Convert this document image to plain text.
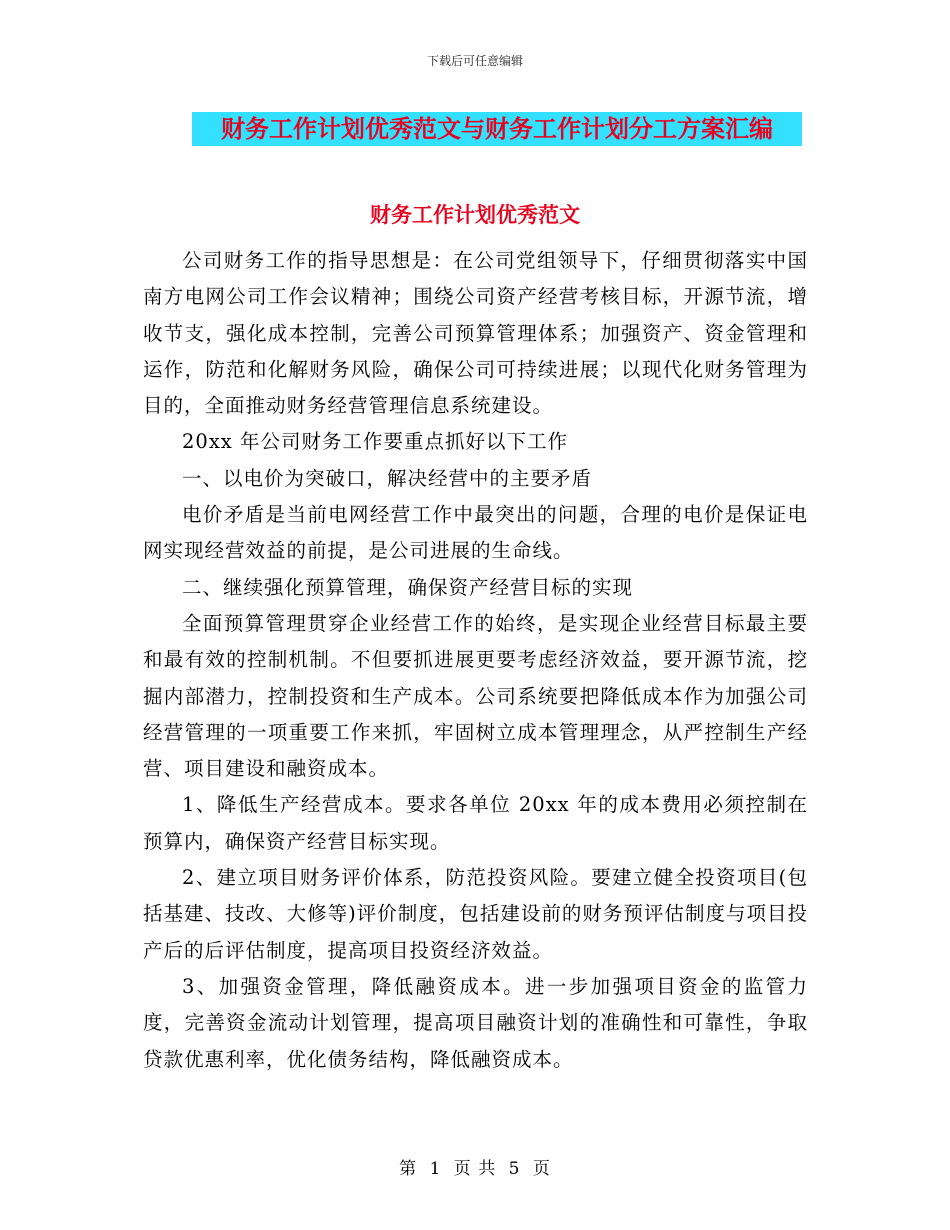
下载后可任意编辑
财务工作计划优秀范文与财务工作计划分工方案汇编
财务工作计划优秀范文

公司财务工作的指导思想是：在公司党组领导下，仔细贯彻落实中国南方电网公司工作会议精神；围绕公司资产经营考核目标，开源节流，增收节支，强化成本控制，完善公司预算管理体系；加强资产、资金管理和运作，防范和化解财务风险，确保公司可持续进展；以现代化财务管理为目的，全面推动财务经营管理信息系统建设。

20xx 年公司财务工作要重点抓好以下工作

一、以电价为突破口，解决经营中的主要矛盾

电价矛盾是当前电网经营工作中最突出的问题，合理的电价是保证电网实现经营效益的前提，是公司进展的生命线。

二、继续强化预算管理，确保资产经营目标的实现

全面预算管理贯穿企业经营工作的始终，是实现企业经营目标最主要和最有效的控制机制。不但要抓进展更要考虑经济效益，要开源节流，挖掘内部潜力，控制投资和生产成本。公司系统要把降低成本作为加强公司经营管理的一项重要工作来抓，牢固树立成本管理理念，从严控制生产经营、项目建设和融资成本。

1、降低生产经营成本。要求各单位 20xx 年的成本费用必须控制在预算内，确保资产经营目标实现。

2、建立项目财务评价体系，防范投资风险。要建立健全投资项目(包括基建、技改、大修等)评价制度，包括建设前的财务预评估制度与项目投产后的后评估制度，提高项目投资经济效益。

3、加强资金管理，降低融资成本。进一步加强项目资金的监管力度，完善资金流动计划管理，提高项目融资计划的准确性和可靠性，争取贷款优惠利率，优化债务结构，降低融资成本。

第 1 页 共 5 页
